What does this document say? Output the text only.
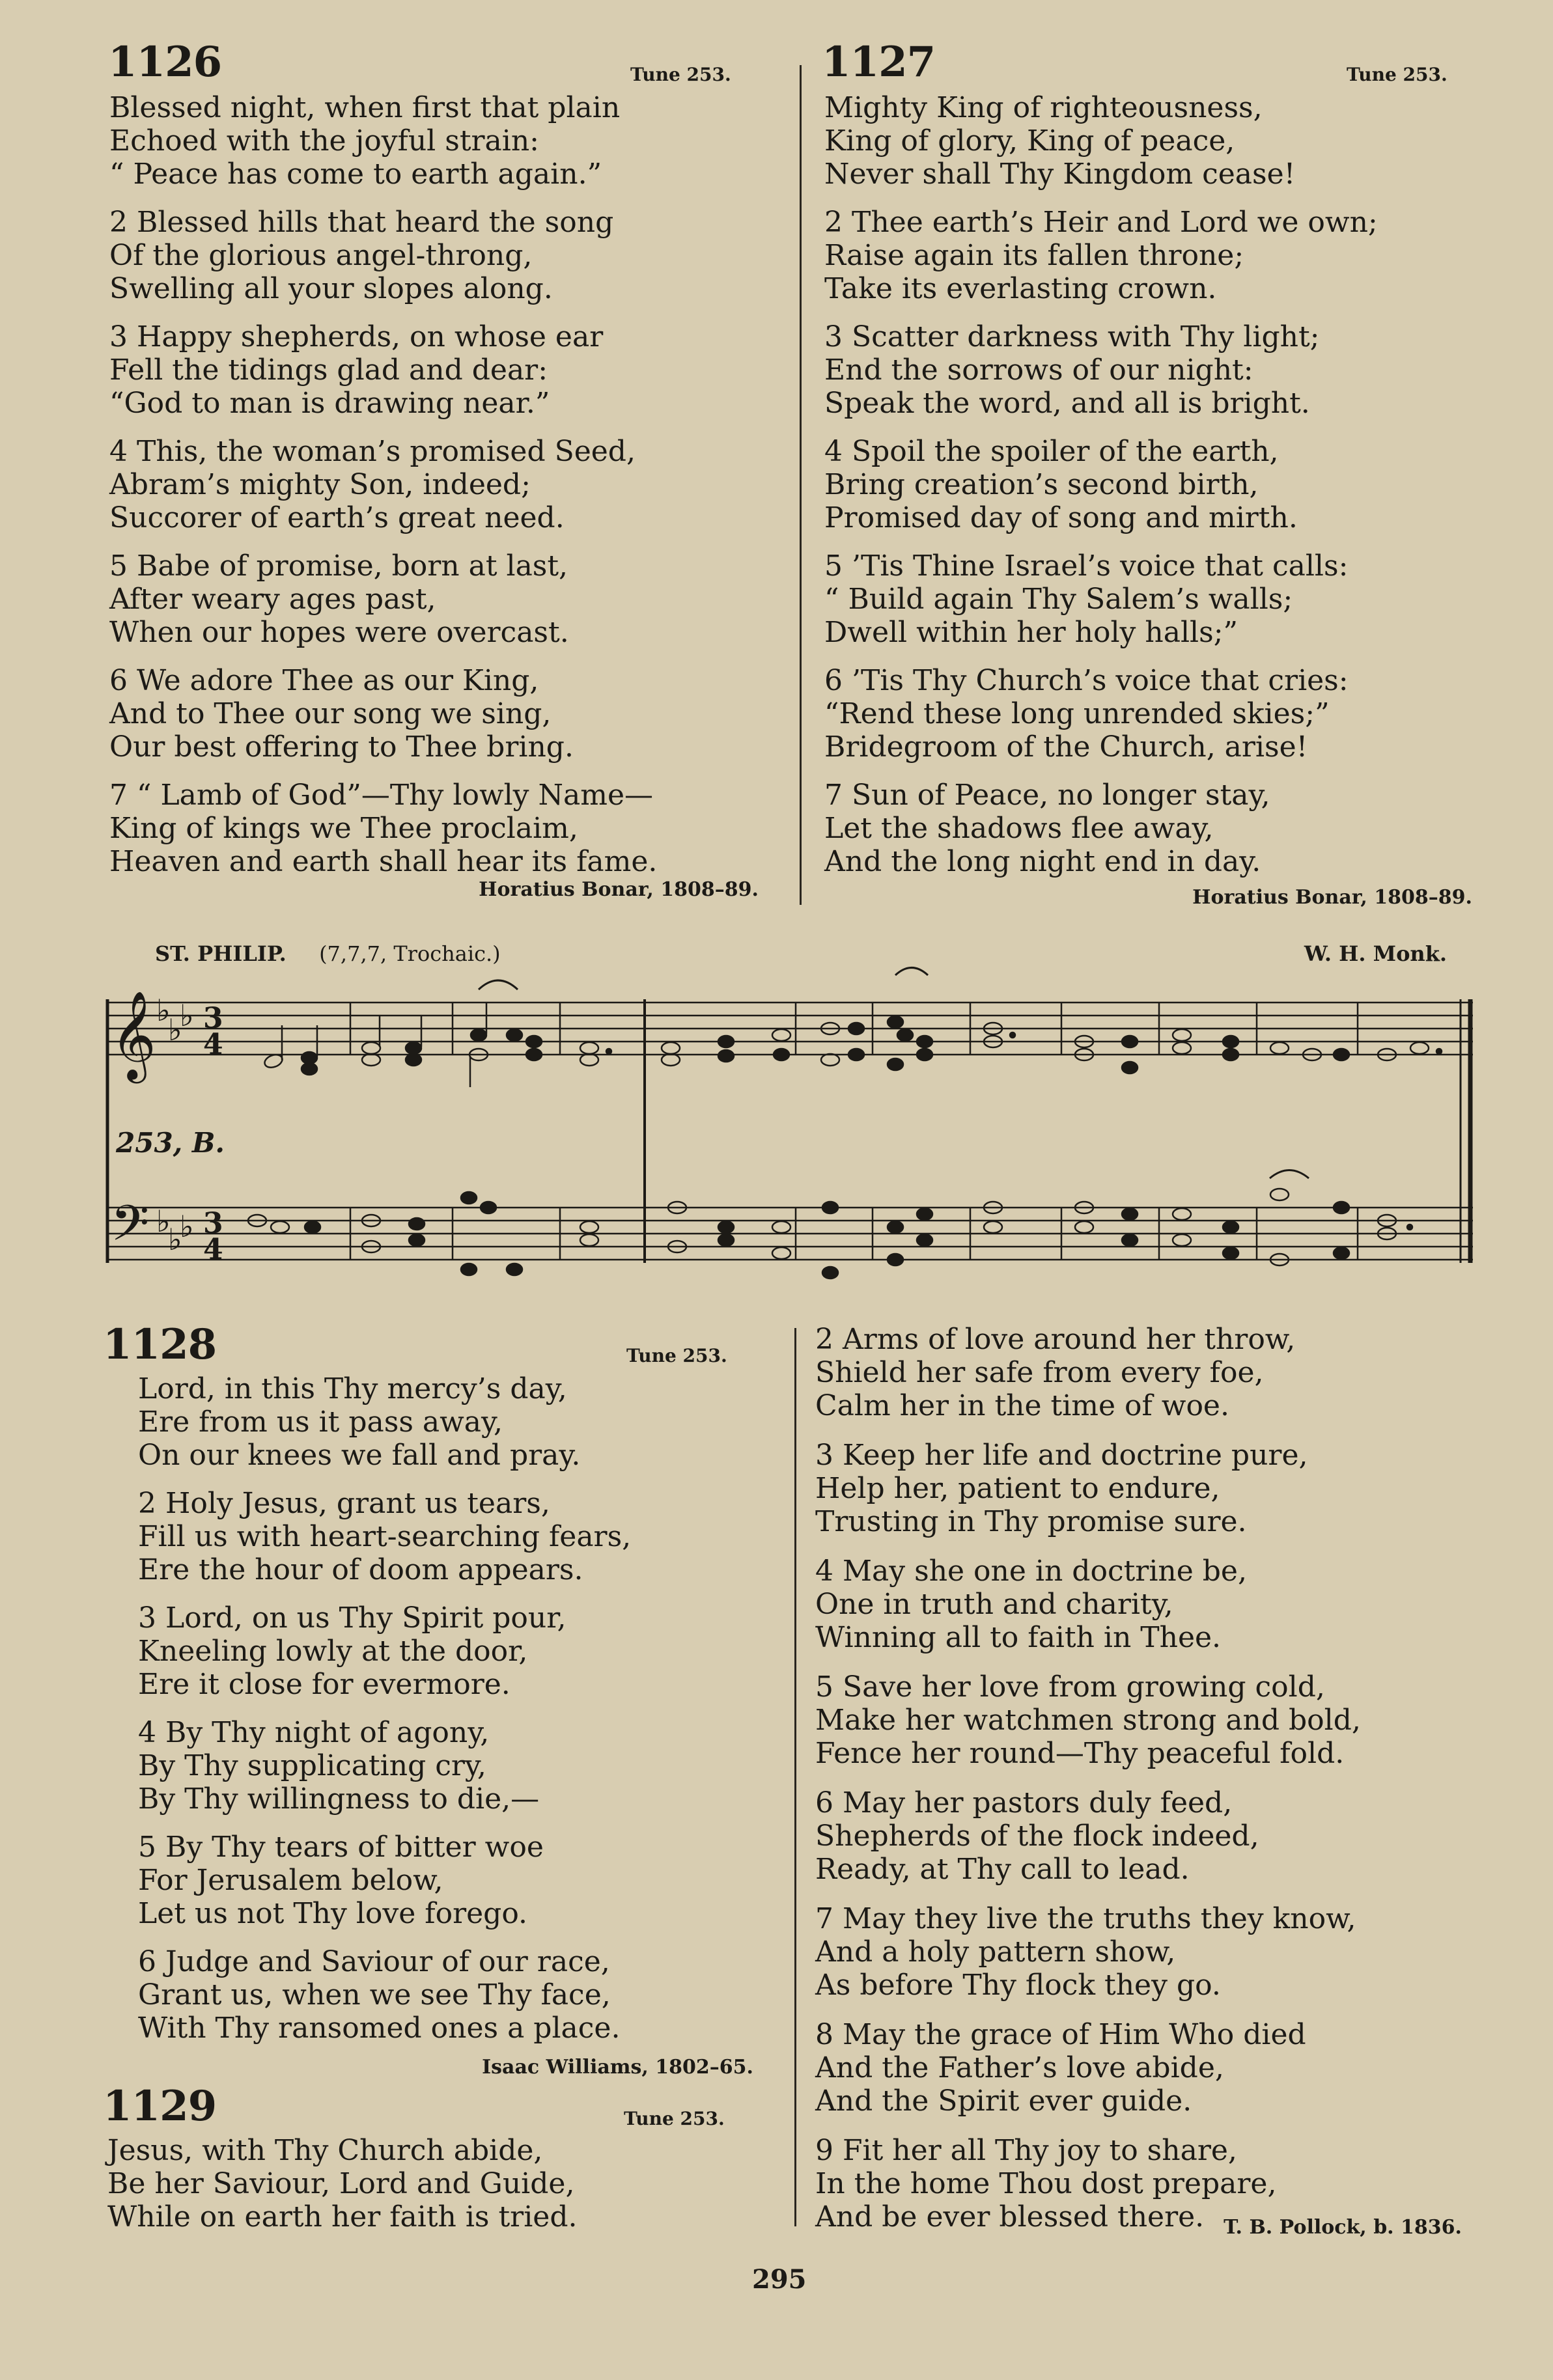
1126	Tune 253.
Blessed night, when first that plain
Echoed with the joyful strain:
“ Peace has come to earth again.”
2 Blessed hills that heard the song
Of the glorious angel-throng,
Swelling all your slopes along.
3 Happy shepherds, on whose ear
Fell the tidings glad and dear:
“God to man is drawing near.”
4 This, the woman’s promised Seed,
Abram’s mighty Son, indeed;
Succorer of earth’s great need.
5 Babe of promise, born at last,
After weary ages past,
When our hopes were overcast.
6 We adore Thee as our King,
And to Thee our song we sing,
Our best offering to Thee bring.
7 “ Lamb of God”—Thy lowly Name—
King of kings we Thee proclaim,
Heaven and earth shall hear its fame.
Horatius Bonar, 1808–89.
1127	Tune 253.
Mighty King of righteousness,
King of glory, King of peace,
Never shall Thy Kingdom cease!
2 Thee earth’s Heir and Lord we own;
Raise again its fallen throne;
Take its everlasting crown.
3 Scatter darkness with Thy light;
End the sorrows of our night:
Speak the word, and all is bright.
4 Spoil the spoiler of the earth,
Bring creation’s second birth,
Promised day of song and mirth.
5 ’Tis Thine Israel’s voice that calls:
“ Build again Thy Salem’s walls;
Dwell within her holy halls;”
6 ’Tis Thy Church’s voice that cries:
“Rend these long unrended skies;”
Bridegroom of the Church, arise!
7 Sun of Peace, no longer stay,
Let the shadows flee away,
And the long night end in day.
Horatius Bonar, 1808–89.
ST. PHILIP. (7,7,7, Trochaic.)	W. H. Monk.
𝄞
𝄢
♭
♭
♭
♭
♭
♭
3
4
3
4
253, B.
1128	Tune 253.
Lord, in this Thy mercy’s day,
Ere from us it pass away,
On our knees we fall and pray.
2 Holy Jesus, grant us tears,
Fill us with heart-searching fears,
Ere the hour of doom appears.
3 Lord, on us Thy Spirit pour,
Kneeling lowly at the door,
Ere it close for evermore.
4 By Thy night of agony,
By Thy supplicating cry,
By Thy willingness to die,—
5 By Thy tears of bitter woe
For Jerusalem below,
Let us not Thy love forego.
6 Judge and Saviour of our race,
Grant us, when we see Thy face,
With Thy ransomed ones a place.
Isaac Williams, 1802–65.
1129	Tune 253.
Jesus, with Thy Church abide,
Be her Saviour, Lord and Guide,
While on earth her faith is tried.
2 Arms of love around her throw,
Shield her safe from every foe,
Calm her in the time of woe.
3 Keep her life and doctrine pure,
Help her, patient to endure,
Trusting in Thy promise sure.
4 May she one in doctrine be,
One in truth and charity,
Winning all to faith in Thee.
5 Save her love from growing cold,
Make her watchmen strong and bold,
Fence her round—Thy peaceful fold.
6 May her pastors duly feed,
Shepherds of the flock indeed,
Ready, at Thy call to lead.
7 May they live the truths they know,
And a holy pattern show,
As before Thy flock they go.
8 May the grace of Him Who died
And the Father’s love abide,
And the Spirit ever guide.
9 Fit her all Thy joy to share,
In the home Thou dost prepare,
And be ever blessed there. T. B. Pollock, b. 1836.
295
